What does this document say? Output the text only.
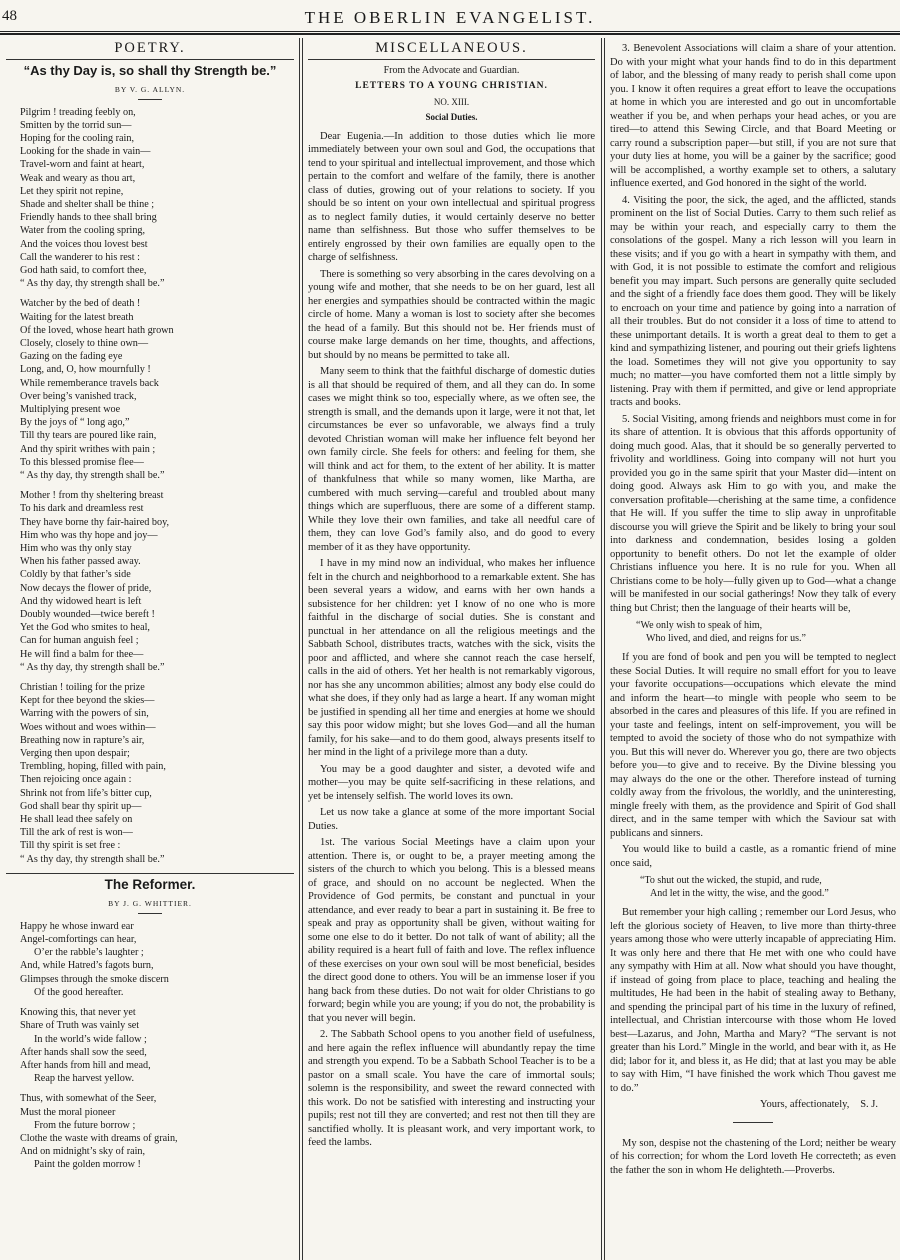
48	THE OBERLIN EVANGELIST.
POETRY.
“As thy Day is, so shall thy Strength be.”
BY V. G. ALLYN.
Pilgrim ! treading feebly on,
Smitten by the torrid sun—
Hoping for the cooling rain,
Looking for the shade in vain—
Travel-worn and faint at heart,
Weak and weary as thou art,
Let they spirit not repine,
Shade and shelter shall be thine ;
Friendly hands to thee shall bring
Water from the cooling spring,
And the voices thou lovest best
Call the wanderer to his rest :
God hath said, to comfort thee,
“ As thy day, thy strength shall be.”
Watcher by the bed of death !
Waiting for the latest breath
Of the loved, whose heart hath grown
Closely, closely to thine own—
Gazing on the fading eye
Long, and, O, how mournfully !
While rememberance travels back
Over being’s vanished track,
Multiplying present woe
By the joys of “ long ago,”
Till thy tears are poured like rain,
And thy spirit writhes with pain ;
To this blessed promise flee—
“ As thy day, thy strength shall be.”
Mother ! from thy sheltering breast
To his dark and dreamless rest
They have borne thy fair-haired boy,
Him who was thy hope and joy—
Him who was thy only stay
When his father passed away.
Coldly by that father’s side
Now decays the flower of pride,
And thy widowed heart is left
Doubly wounded—twice bereft !
Yet the God who smites to heal,
Can for human anguish feel ;
He will find a balm for thee—
“ As thy day, thy strength shall be.”
Christian ! toiling for the prize
Kept for thee beyond the skies—
Warring with the powers of sin,
Woes without and woes within—
Breathing now in rapture’s air,
Verging then upon despair;
Trembling, hoping, filled with pain,
Then rejoicing once again :
Shrink not from life’s bitter cup,
God shall bear thy spirit up—
He shall lead thee safely on
Till the ark of rest is won—
Till thy spirit is set free :
“ As thy day, thy strength shall be.”
The Reformer.
BY J. G. WHITTIER.
Happy he whose inward ear
Angel-comfortings can hear,
O’er the rabble’s laughter ;
And, while Hatred’s fagots burn,
Glimpses through the smoke discern
Of the good hereafter.
Knowing this, that never yet
Share of Truth was vainly set
In the world’s wide fallow ;
After hands shall sow the seed,
After hands from hill and mead,
Reap the harvest yellow.
Thus, with somewhat of the Seer,
Must the moral pioneer
From the future borrow ;
Clothe the waste with dreams of grain,
And on midnight’s sky of rain,
Paint the golden morrow !
MISCELLANEOUS.
From the Advocate and Guardian.
LETTERS TO A YOUNG CHRISTIAN.
NO. XIII.
Social Duties.

Dear Eugenia.—In addition to those duties which lie more immediately between your own soul and God, the occupations that tend to your spiritual and intellectual improvement, and those which pertain to the comfort and welfare of the family, there is another class of duties, growing out of your relations to society. If you should be so intent on your own intellectual and spiritual progress as to neglect family duties, it would certainly deserve no better name than selfishness. But those who suffer themselves to be entirely engrossed by their own families are equally open to the charge of selfishness.

There is something so very absorbing in the cares devolving on a young wife and mother, that she needs to be on her guard, lest all her energies and sympathies should be contracted within the magic circle of home. Many a woman is lost to society after she becomes the head of a family. But this should not be. Her friends must of course make large demands on her time, thoughts, and affections, but should by no means be permitted to take all.

Many seem to think that the faithful discharge of domestic duties is all that should be required of them, and all they can do. In some cases we might think so too, especially where, as we often see, the strength is small, and the demands upon it large, were it not that, let circumstances be ever so unfavorable, we always find a truly devoted Christian woman will make her influence felt beyond her own family circle. She feels for others: and feeling for them, she will think and act for them, to the extent of her ability. It is matter of thankfulness that while so many women, like Martha, are cumbered with much serving—careful and troubled about many things which are superfluous, there are some of a different stamp. While they love their own families, and take all needful care of them, they can love God’s family also, and do good to every member of it as they have opportunity.

I have in my mind now an individual, who makes her influence felt in the church and neighborhood to a remarkable extent. She has been several years a widow, and earns with her own hands a subsistence for her children: yet I know of no one who is more faithful in the discharge of social duties. She is constant and punctual in her attendance on all the religious meetings and the Sabbath School, distributes tracts, watches with the sick, visits the poor and afflicted, and where she cannot reach the case herself, calls in the aid of others. Yet her health is not remarkably vigorous, nor has she any uncommon abilities; almost any body else could do what she does, if they only had as large a heart. If any woman might be justified in spending all her time and energies at home we should say this poor widow might; but she loves God—and all the human family, for his sake—and to do them good, always presents itself to her mind in the light of a privilege more than a duty.

You may be a good daughter and sister, a devoted wife and mother—you may be quite self-sacrificing in these relations, and yet be intensely selfish. The world loves its own.

Let us now take a glance at some of the more important Social Duties.

1st. The various Social Meetings have a claim upon your attention. There is, or ought to be, a prayer meeting among the sisters of the church to which you belong. This is a blessed means of grace, and should on no account be neglected. When the Providence of God permits, be constant and punctual in your attendance, and ever ready to bear a part in sustaining it. Be free to speak and pray as opportunity shall be given, without waiting for some one else to do it better. Do not talk of want of ability; all the ability required is a heart full of faith and love. The reflex influence of these exercises on your own soul will be most beneficial, besides the direct good done to others. You will be an immense loser if you hang back from these duties. Do not wait for older Christians to go forward; begin while you are young; if you do not, the probability is that you never will begin.

2. The Sabbath School opens to you another field of usefulness, and here again the reflex influence will abundantly repay the time and strength you expend. To be a Sabbath School Teacher is to be a pastor on a small scale. You have the care of immortal souls; solemn is the responsibility, and sweet the reward connected with this work. Do not be satisfied with interesting and instructing your pupils; rest not till they are converted; and rest not then till they are sanctified wholly. It is pleasant work, and very important work, to feed the lambs.

3. Benevolent Associations will claim a share of your attention. Do with your might what your hands find to do in this department of labor, and the blessing of many ready to perish shall come upon you. I know it often requires a great effort to leave the occupations at home in which you are interested and go out in uncomfortable weather if you be, and when perhaps your head aches, or you are tired—to attend this Sewing Circle, and that Board Meeting or carry round a subscription paper—but still, if you are not sure that your duty lies at home, you will be a gainer by the sacrifice; good will be accomplished, a worthy example set to others, a salutary influence exerted, and God honored in the sight of the world.

4. Visiting the poor, the sick, the aged, and the afflicted, stands prominent on the list of Social Duties. Carry to them such relief as may be within your reach, and especially carry to them the consolations of the gospel. Many a rich lesson will you learn in these visits; and if you go with a heart in sympathy with them, and with God, it is not possible to estimate the comfort and religious benefit you may impart. Such persons are generally quite secluded and the sight of a friendly face does them good. They will be likely to encroach on your time and patience by going into a narration of all their troubles. But do not consider it a loss of time to attend to these unimportant details. It is worth a great deal to them to get a kind and sympathizing listener, and pouring out their griefs lightens the load. Sometimes they will not give you opportunity to say much; no matter—you have comforted them not a little simply by listening. Pray with them if permitted, and give or lend appropriate tracts and books.

5. Social Visiting, among friends and neighbors must come in for its share of attention. It is obvious that this affords opportunity of doing much good. Alas, that it should be so generally perverted to frivolity and worldliness. Going into company will not hurt you provided you go in the same spirit that your Master did—intent on doing good. Always ask Him to go with you, and make the conversation profitable—cherishing at the same time, a confidence that He will. If you suffer the time to slip away in unprofitable discourse you will grieve the Spirit and be likely to bring your soul into darkness and condemnation, besides losing a golden opportunity to benefit others. Do not let the example of older Christians influence you here. It is no rule for you. When all Christians come to be holy—fully given up to God—what a change will be manifested in our social gatherings! Now they talk of every thing but Christ; then the language of their hearts will be,

“We only wish to speak of him,
Who lived, and died, and reigns for us.”

If you are fond of book and pen you will be tempted to neglect these Social Duties. It will require no small effort for you to leave your favorite occupations—occupations which elevate the mind and inform the heart—to mingle with people who seem to be absorbed in the cares and pleasures of this life. If you are refined in your taste and feelings, intent on self-improvement, you will be tempted to avoid the society of those who do not sympathize with you. But this will never do. Wherever you go, there are two objects before you—to give and to receive. By the Divine blessing you may always do the one or the other. Therefore instead of turning coldly away from the frivolous, the worldly, and the uninteresting, mingle freely with them, as the providence and Spirit of God shall direct, and in the same temper with which the Saviour sat with publicans and sinners.

You would like to build a castle, as a romantic friend of mine once said,

“To shut out the wicked, the stupid, and rude,
And let in the witty, the wise, and the good.”

But remember your high calling ; remember our Lord Jesus, who left the glorious society of Heaven, to live more than thirty-three years among those who were utterly incapable of appreciating Him. It was only here and there that He met with one who could have any sympathy with Him at all. Now what should you have thought, if instead of going from place to place, teaching and healing the multitudes, He had been in the habit of stealing away to Bethany, and spending the principal part of his time in the luxury of refined, intellectual, and Christian intercourse with those whom He loved best—Lazarus, and John, Martha and Mary? “The servant is not greater than his Lord.” Mingle in the world, and bear with it, as He did; labor for it, and bless it, as He did; that at last you may be able to say with Him, “I have finished the work which Thou gavest me to do.”

Yours, affectionately, S. J.
My son, despise not the chastening of the Lord; neither be weary of his correction; for whom the Lord loveth He correcteth; as even the father the son in whom He delighteth.—Proverbs.
